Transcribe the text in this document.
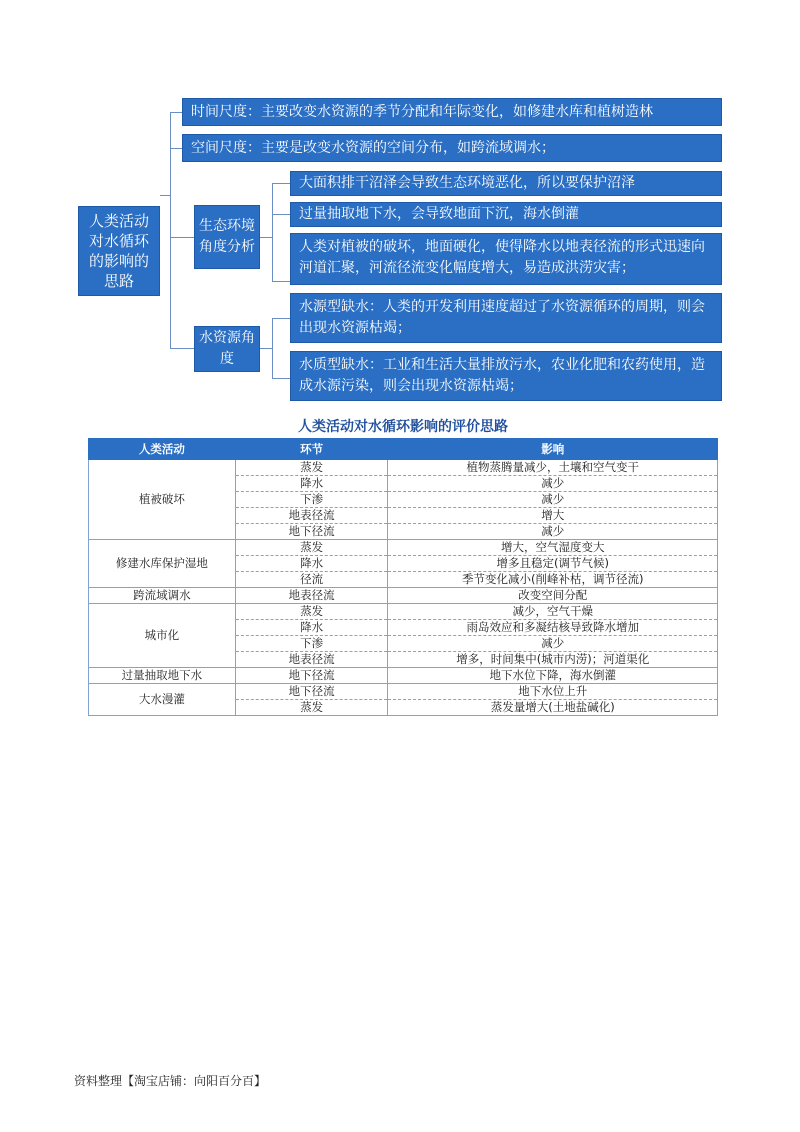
人类活动对水循环的影响的思路
时间尺度：主要改变水资源的季节分配和年际变化，如修建水库和植树造林
空间尺度：主要是改变水资源的空间分布，如跨流域调水；
生态环境角度分析
大面积排干沼泽会导致生态环境恶化，所以要保护沼泽
过量抽取地下水，会导致地面下沉，海水倒灌
人类对植被的破坏，地面硬化，使得降水以地表径流的形式迅速向河道汇聚，河流径流变化幅度增大，易造成洪涝灾害；
水资源角度
水源型缺水：人类的开发利用速度超过了水资源循环的周期，则会出现水资源枯竭；
水质型缺水：工业和生活大量排放污水，农业化肥和农药使用，造成水源污染，则会出现水资源枯竭；
人类活动对水循环影响的评价思路
人类活动	环节	影响
植被破坏	蒸发	植物蒸腾量减少，土壤和空气变干
	降水	减少
	下渗	减少
	地表径流	增大
	地下径流	减少
修建水库保护湿地	蒸发	增大，空气湿度变大
	降水	增多且稳定(调节气候)
	径流	季节变化减小(削峰补枯，调节径流)
跨流域调水	地表径流	改变空间分配
城市化	蒸发	减少，空气干燥
	降水	雨岛效应和多凝结核导致降水增加
	下渗	减少
	地表径流	增多，时间集中(城市内涝)；河道渠化
过量抽取地下水	地下径流	地下水位下降，海水倒灌
大水漫灌	地下径流	地下水位上升
	蒸发	蒸发量增大(土地盐碱化)
资料整理【淘宝店铺：向阳百分百】
